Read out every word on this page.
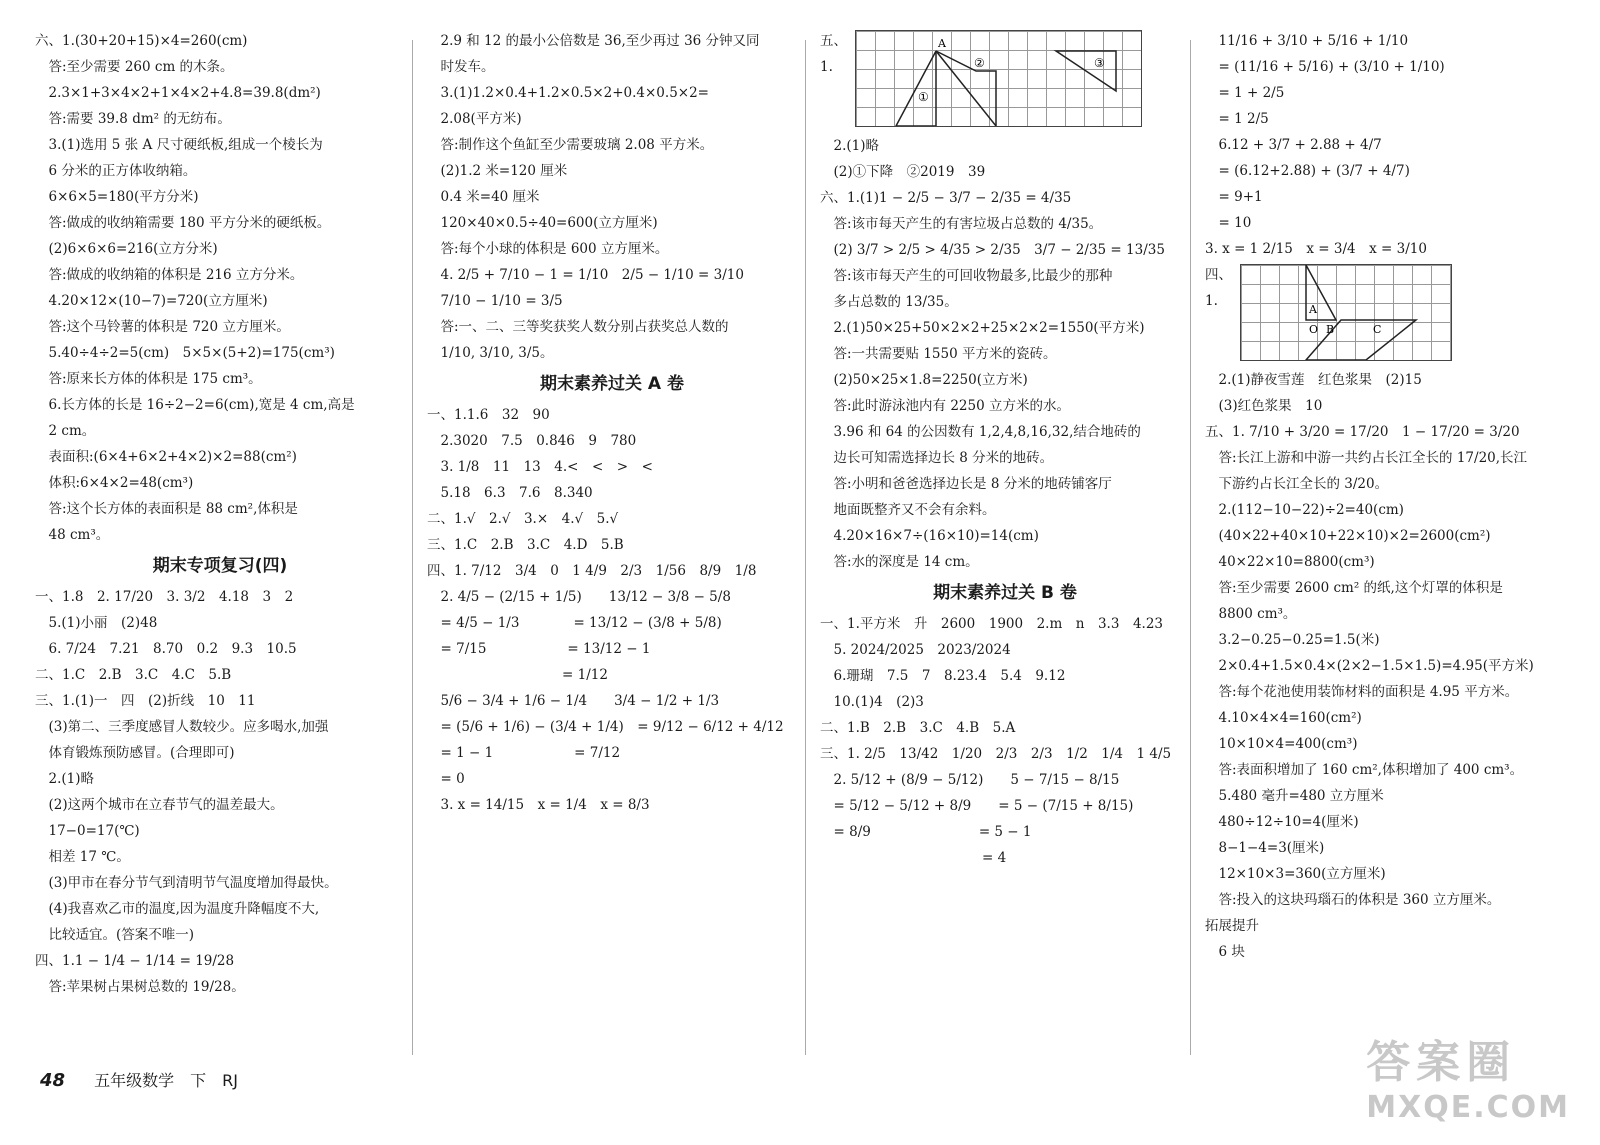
六、1.(30+20+15)×4=260(cm)
　答:至少需要 260 cm 的木条。
　2.3×1+3×4×2+1×4×2+4.8=39.8(dm²)
　答:需要 39.8 dm² 的无纺布。
　3.(1)选用 5 张 A 尺寸硬纸板,组成一个棱长为
　6 分米的正方体收纳箱。
　6×6×5=180(平方分米)
　答:做成的收纳箱需要 180 平方分米的硬纸板。
　(2)6×6×6=216(立方分米)
　答:做成的收纳箱的体积是 216 立方分米。
　4.20×12×(10−7)=720(立方厘米)
　答:这个马铃薯的体积是 720 立方厘米。
　5.40÷4÷2=5(cm)　5×5×(5+2)=175(cm³)
　答:原来长方体的体积是 175 cm³。
　6.长方体的长是 16÷2−2=6(cm),宽是 4 cm,高是
　2 cm。
　表面积:(6×4+6×2+4×2)×2=88(cm²)
　体积:6×4×2=48(cm³)
　答:这个长方体的表面积是 88 cm²,体积是
　48 cm³。
期末专项复习(四)
一、1.8　2. 17/20　3. 3/2　4.18　3　2
　5.(1)小丽　(2)48
　6. 7/24　7.21　8.70　0.2　9.3　10.5
二、1.C　2.B　3.C　4.C　5.B
三、1.(1)一　四　(2)折线　10　11
　(3)第二、三季度感冒人数较少。应多喝水,加强
　体育锻炼预防感冒。(合理即可)
　2.(1)略
　(2)这两个城市在立春节气的温差最大。
　17−0=17(℃)
　相差 17 ℃。
　(3)甲市在春分节气到清明节气温度增加得最快。
　(4)我喜欢乙市的温度,因为温度升降幅度不大,
　比较适宜。(答案不唯一)
四、1.1 − 1/4 − 1/14 = 19/28
　答:苹果树占果树总数的 19/28。
　2.9 和 12 的最小公倍数是 36,至少再过 36 分钟又同
　时发车。
　3.(1)1.2×0.4+1.2×0.5×2+0.4×0.5×2=
　2.08(平方米)
　答:制作这个鱼缸至少需要玻璃 2.08 平方米。
　(2)1.2 米=120 厘米
　0.4 米=40 厘米
　120×40×0.5÷40=600(立方厘米)
　答:每个小球的体积是 600 立方厘米。
　4. 2/5 + 7/10 − 1 = 1/10　2/5 − 1/10 = 3/10
　7/10 − 1/10 = 3/5
　答:一、二、三等奖获奖人数分别占获奖总人数的
　1/10, 3/10, 3/5。
期末素养过关 A 卷
一、1.1.6　32　90
　2.3020　7.5　0.846　9　780
　3. 1/8　11　13　4.<　<　>　<
　5.18　6.3　7.6　8.340
二、1.√　2.√　3.×　4.√　5.√
三、1.C　2.B　3.C　4.D　5.B
四、1. 7/12　3/4　0　1 4/9　2/3　1/56　8/9　1/8
　2. 4/5 − (2/15 + 1/5)　　13/12 − 3/8 − 5/8
　= 4/5 − 1/3　　　　= 13/12 − (3/8 + 5/8)
　= 7/15　　　　　　= 13/12 − 1
　　　　　　　　　　= 1/12
　5/6 − 3/4 + 1/6 − 1/4　　3/4 − 1/2 + 1/3
　= (5/6 + 1/6) − (3/4 + 1/4)　= 9/12 − 6/12 + 4/12
　= 1 − 1　　　　　　= 7/12
　= 0
　3. x = 14/15　x = 1/4　x = 8/3
五、1.
A
①
②	③
　2.(1)略
　(2)①下降　②2019　39
六、1.(1)1 − 2/5 − 3/7 − 2/35 = 4/35
　答:该市每天产生的有害垃圾占总数的 4/35。
　(2) 3/7 > 2/5 > 4/35 > 2/35　3/7 − 2/35 = 13/35
　答:该市每天产生的可回收物最多,比最少的那种
　多占总数的 13/35。
　2.(1)50×25+50×2×2+25×2×2=1550(平方米)
　答:一共需要贴 1550 平方米的瓷砖。
　(2)50×25×1.8=2250(立方米)
　答:此时游泳池内有 2250 立方米的水。
　3.96 和 64 的公因数有 1,2,4,8,16,32,结合地砖的
　边长可知需选择边长 8 分米的地砖。
　答:小明和爸爸选择边长是 8 分米的地砖铺客厅
　地面既整齐又不会有余料。
　4.20×16×7÷(16×10)=14(cm)
　答:水的深度是 14 cm。
期末素养过关 B 卷
一、1.平方米　升　2600　1900　2.m　n　3.3　4.23
　5. 2024/2025　2023/2024
　6.珊瑚　7.5　7　8.23.4　5.4　9.12
　10.(1)4　(2)3
二、1.B　2.B　3.C　4.B　5.A
三、1. 2/5　13/42　1/20　2/3　2/3　1/2　1/4　1 4/5
　2. 5/12 + (8/9 − 5/12)　　5 − 7/15 − 8/15
　= 5/12 − 5/12 + 8/9　　= 5 − (7/15 + 8/15)
　= 8/9　　　　　　　　= 5 − 1
　　　　　　　　　　　　= 4
　11/16 + 3/10 + 5/16 + 1/10
　= (11/16 + 5/16) + (3/10 + 1/10)
　= 1 + 2/5
　= 1 2/5
　6.12 + 3/7 + 2.88 + 4/7
　= (6.12+2.88) + (3/7 + 4/7)
　= 9+1
　= 10
3. x = 1 2/15　x = 3/4　x = 3/10
四、1.
A
O B	C
　2.(1)静夜雪莲　红色浆果　(2)15
　(3)红色浆果　10
五、1. 7/10 + 3/20 = 17/20　1 − 17/20 = 3/20
　答:长江上游和中游一共约占长江全长的 17/20,长江
　下游约占长江全长的 3/20。
　2.(112−10−22)÷2=40(cm)
　(40×22+40×10+22×10)×2=2600(cm²)
　40×22×10=8800(cm³)
　答:至少需要 2600 cm² 的纸,这个灯罩的体积是
　8800 cm³。
　3.2−0.25−0.25=1.5(米)
　2×0.4+1.5×0.4×(2×2−1.5×1.5)=4.95(平方米)
　答:每个花池使用装饰材料的面积是 4.95 平方米。
　4.10×4×4=160(cm²)
　10×10×4=400(cm³)
　答:表面积增加了 160 cm²,体积增加了 400 cm³。
　5.480 毫升=480 立方厘米
　480÷12÷10=4(厘米)
　8−1−4=3(厘米)
　12×10×3=360(立方厘米)
　答:投入的这块玛瑙石的体积是 360 立方厘米。
拓展提升
　6 块
48 五年级数学　下　RJ	答案圈
MXQE.COM
